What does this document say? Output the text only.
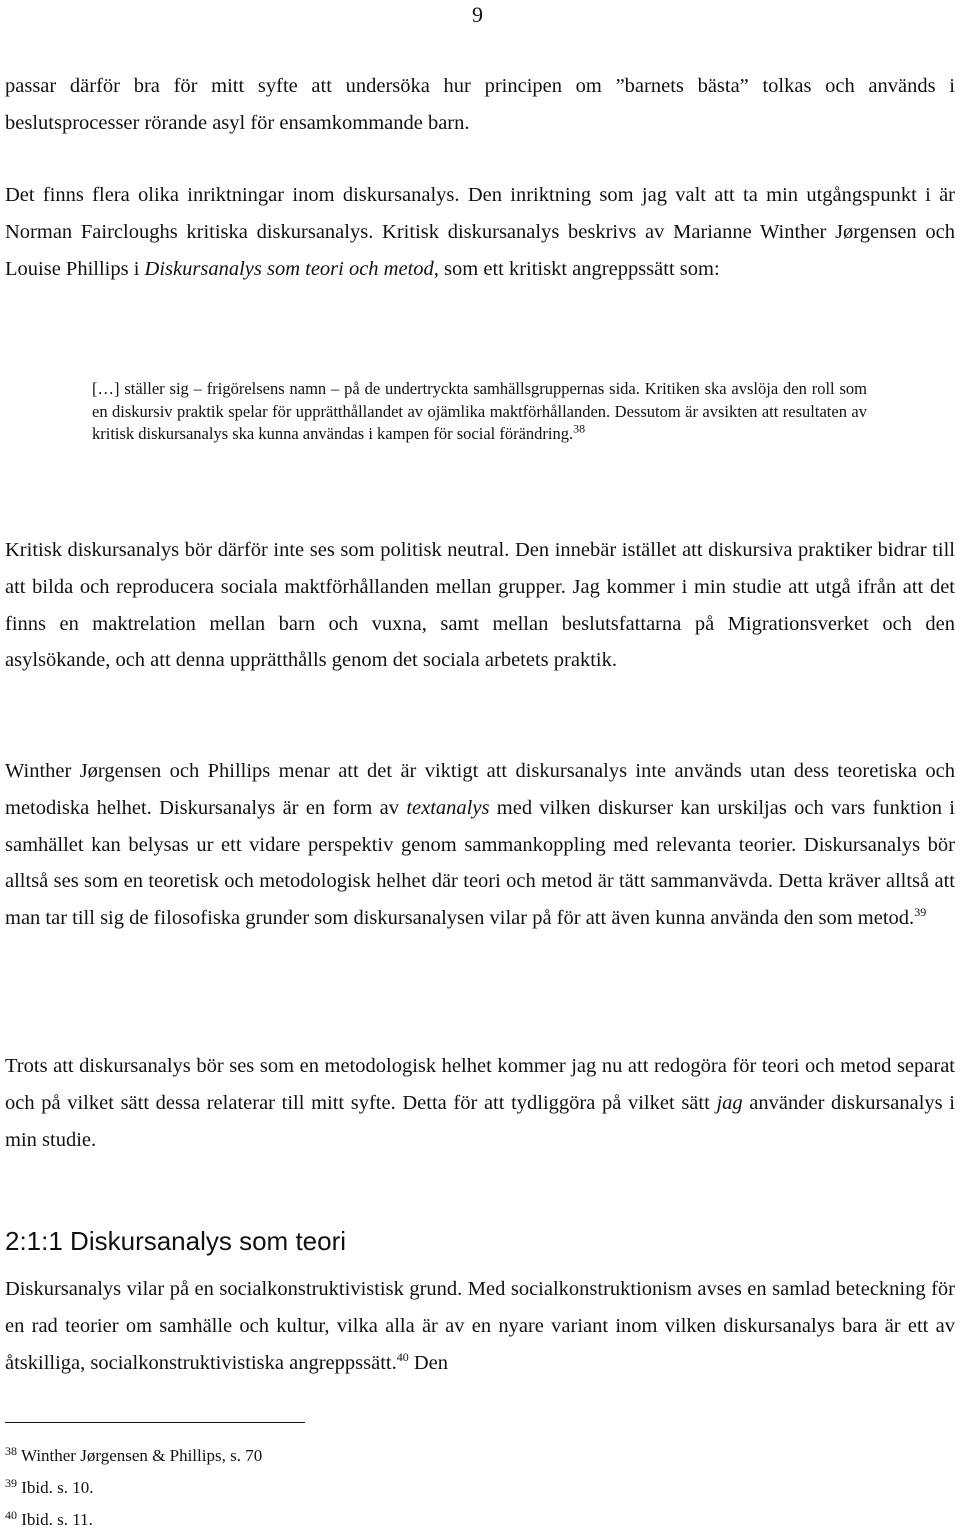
9

passar därför bra för mitt syfte att undersöka hur principen om ”barnets bästa” tolkas och används i beslutsprocesser rörande asyl för ensamkommande barn.

Det finns flera olika inriktningar inom diskursanalys. Den inriktning som jag valt att ta min utgångspunkt i är Norman Faircloughs kritiska diskursanalys. Kritisk diskursanalys beskrivs av Marianne Winther Jørgensen och Louise Phillips i Diskursanalys som teori och metod, som ett kritiskt angreppssätt som:

[…] ställer sig – frigörelsens namn – på de undertryckta samhällsgruppernas sida. Kritiken ska avslöja den roll som en diskursiv praktik spelar för upprätthållandet av ojämlika maktförhållanden. Dessutom är avsikten att resultaten av kritisk diskursanalys ska kunna användas i kampen för social förändring.$^{38}$

Kritisk diskursanalys bör därför inte ses som politisk neutral. Den innebär istället att diskursiva praktiker bidrar till att bilda och reproducera sociala maktförhållanden mellan grupper. Jag kommer i min studie att utgå ifrån att det finns en maktrelation mellan barn och vuxna, samt mellan beslutsfattarna på Migrationsverket och den asylsökande, och att denna upprätthålls genom det sociala arbetets praktik.

Winther Jørgensen och Phillips menar att det är viktigt att diskursanalys inte används utan dess teoretiska och metodiska helhet. Diskursanalys är en form av textanalys med vilken diskurser kan urskiljas och vars funktion i samhället kan belysas ur ett vidare perspektiv genom sammankoppling med relevanta teorier. Diskursanalys bör alltså ses som en teoretisk och metodologisk helhet där teori och metod är tätt sammanvävda. Detta kräver alltså att man tar till sig de filosofiska grunder som diskursanalysen vilar på för att även kunna använda den som metod.$^{39}$

Trots att diskursanalys bör ses som en metodologisk helhet kommer jag nu att redogöra för teori och metod separat och på vilket sätt dessa relaterar till mitt syfte. Detta för att tydliggöra på vilket sätt jag använder diskursanalys i min studie.

2:1:1 Diskursanalys som teori

Diskursanalys vilar på en socialkonstruktivistisk grund. Med socialkonstruktionism avses en samlad beteckning för en rad teorier om samhälle och kultur, vilka alla är av en nyare variant inom vilken diskursanalys bara är ett av åtskilliga, socialkonstruktivistiska angreppssätt.$^{40}$ Den

$^{38}$ Winther Jørgensen & Phillips, s. 70

$^{39}$ Ibid. s. 10.

$^{40}$ Ibid. s. 11.
